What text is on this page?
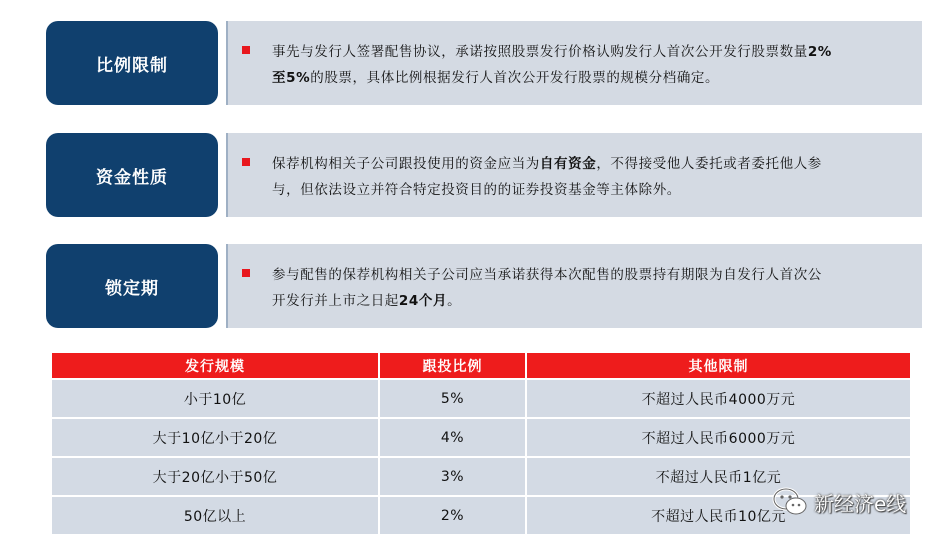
比例限制
事先与发行人签署配售协议，承诺按照股票发行价格认购发行人首次公开发行股票数量2%
至5%的股票，具体比例根据发行人首次公开发行股票的规模分档确定。
资金性质
保荐机构相关子公司跟投使用的资金应当为自有资金，不得接受他人委托或者委托他人参
与，但依法设立并符合特定投资目的的证券投资基金等主体除外。
锁定期
参与配售的保荐机构相关子公司应当承诺获得本次配售的股票持有期限为自发行人首次公
开发行并上市之日起24个月。
发行规模	跟投比例	其他限制
小于10亿	5%	不超过人民币4000万元
大于10亿小于20亿	4%	不超过人民币6000万元
大于20亿小于50亿	3%	不超过人民币1亿元
50亿以上	2%	不超过人民币10亿元
新经济e线
